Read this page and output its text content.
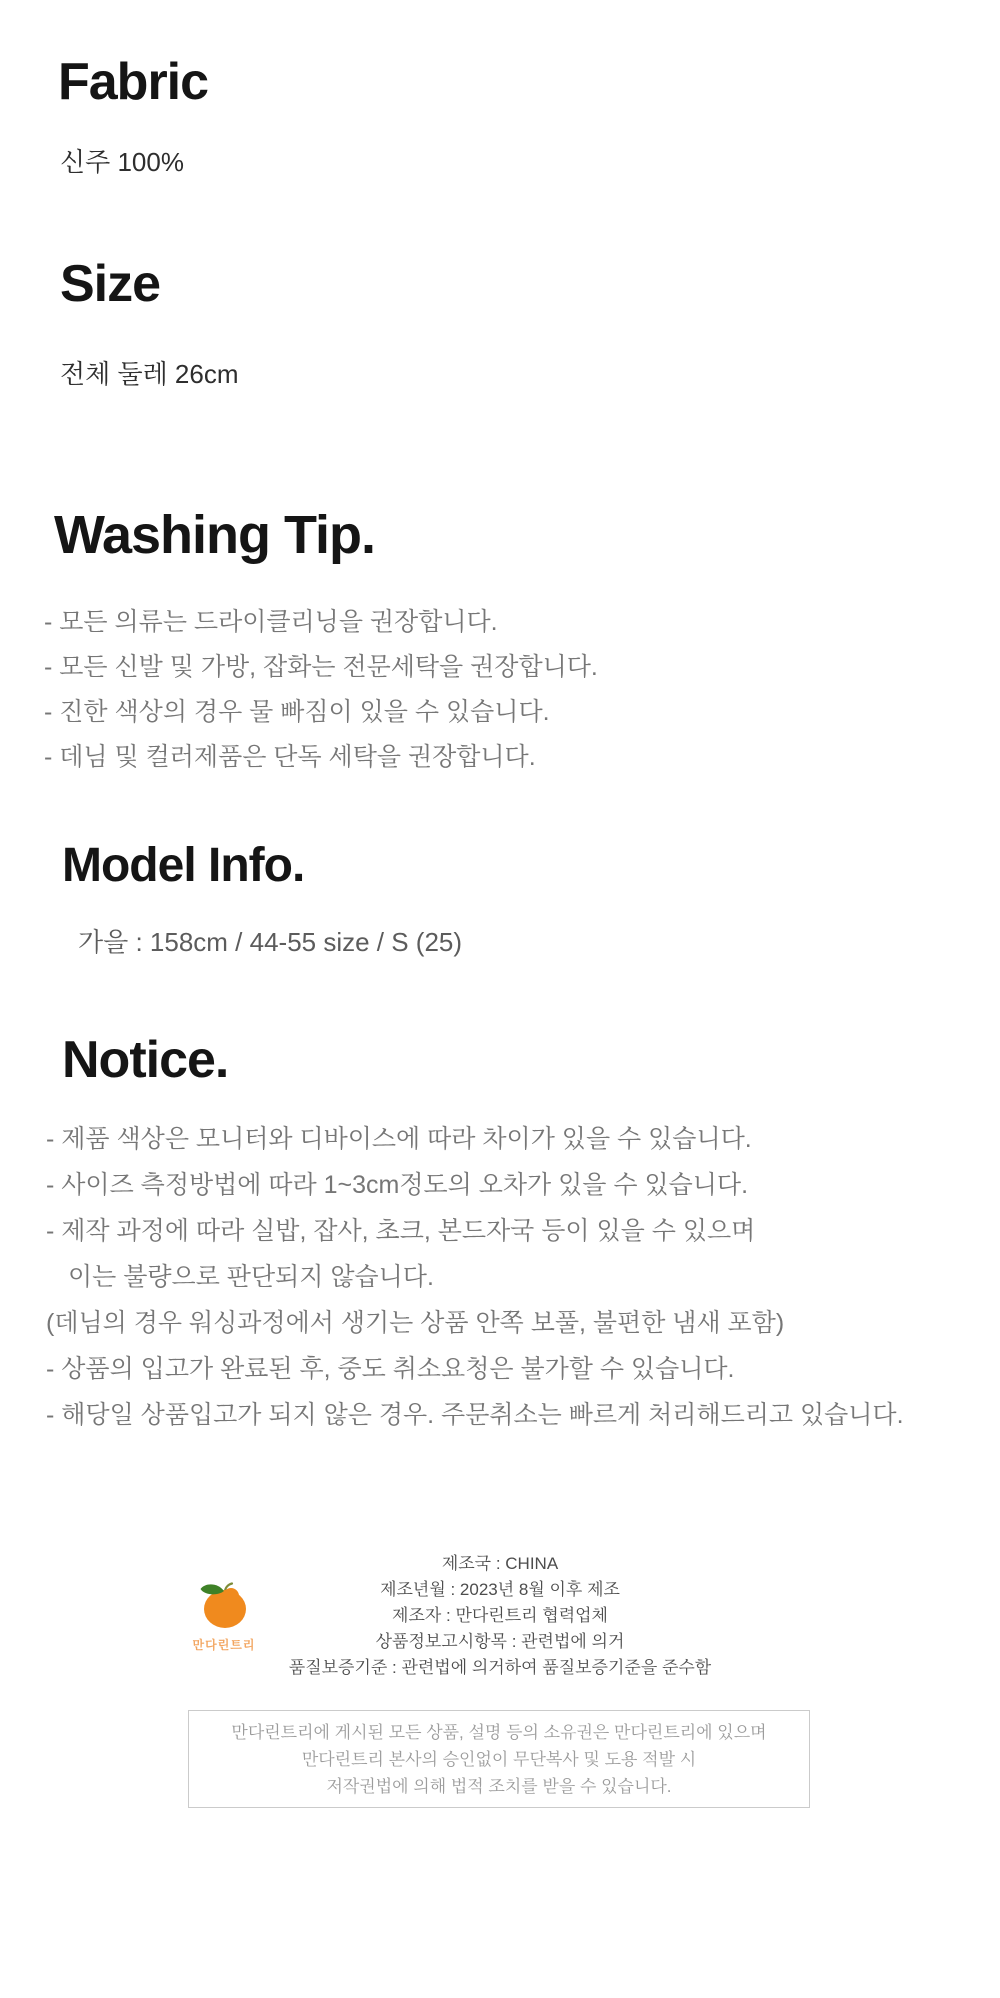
Fabric

신주 100%

Size

전체 둘레 26cm

Washing Tip.

- 모든 의류는 드라이클리닝을 권장합니다.

- 모든 신발 및 가방, 잡화는 전문세탁을 권장합니다.

- 진한 색상의 경우 물 빠짐이 있을 수 있습니다.

- 데님 및 컬러제품은 단독 세탁을 권장합니다.

Model Info.

가을 : 158cm / 44-55 size / S (25)

Notice.

- 제품 색상은 모니터와 디바이스에 따라 차이가 있을 수 있습니다.

- 사이즈 측정방법에 따라 1~3cm정도의 오차가 있을 수 있습니다.

- 제작 과정에 따라 실밥, 잡사, 초크, 본드자국 등이 있을 수 있으며

이는 불량으로 판단되지 않습니다.

(데님의 경우 워싱과정에서 생기는 상품 안쪽 보풀, 불편한 냄새 포함)

- 상품의 입고가 완료된 후, 중도 취소요청은 불가할 수 있습니다.

- 해당일 상품입고가 되지 않은 경우. 주문취소는 빠르게 처리해드리고 있습니다.

만다린트리

제조국 : CHINA

제조년월 : 2023년 8월 이후 제조

제조자 : 만다린트리 협력업체

상품정보고시항목 : 관련법에 의거

품질보증기준 : 관련법에 의거하여 품질보증기준을 준수함

만다린트리에 게시된 모든 상품, 설명 등의 소유권은 만다린트리에 있으며

만다린트리 본사의 승인없이 무단복사 및 도용 적발 시

저작권법에 의해 법적 조치를 받을 수 있습니다.
